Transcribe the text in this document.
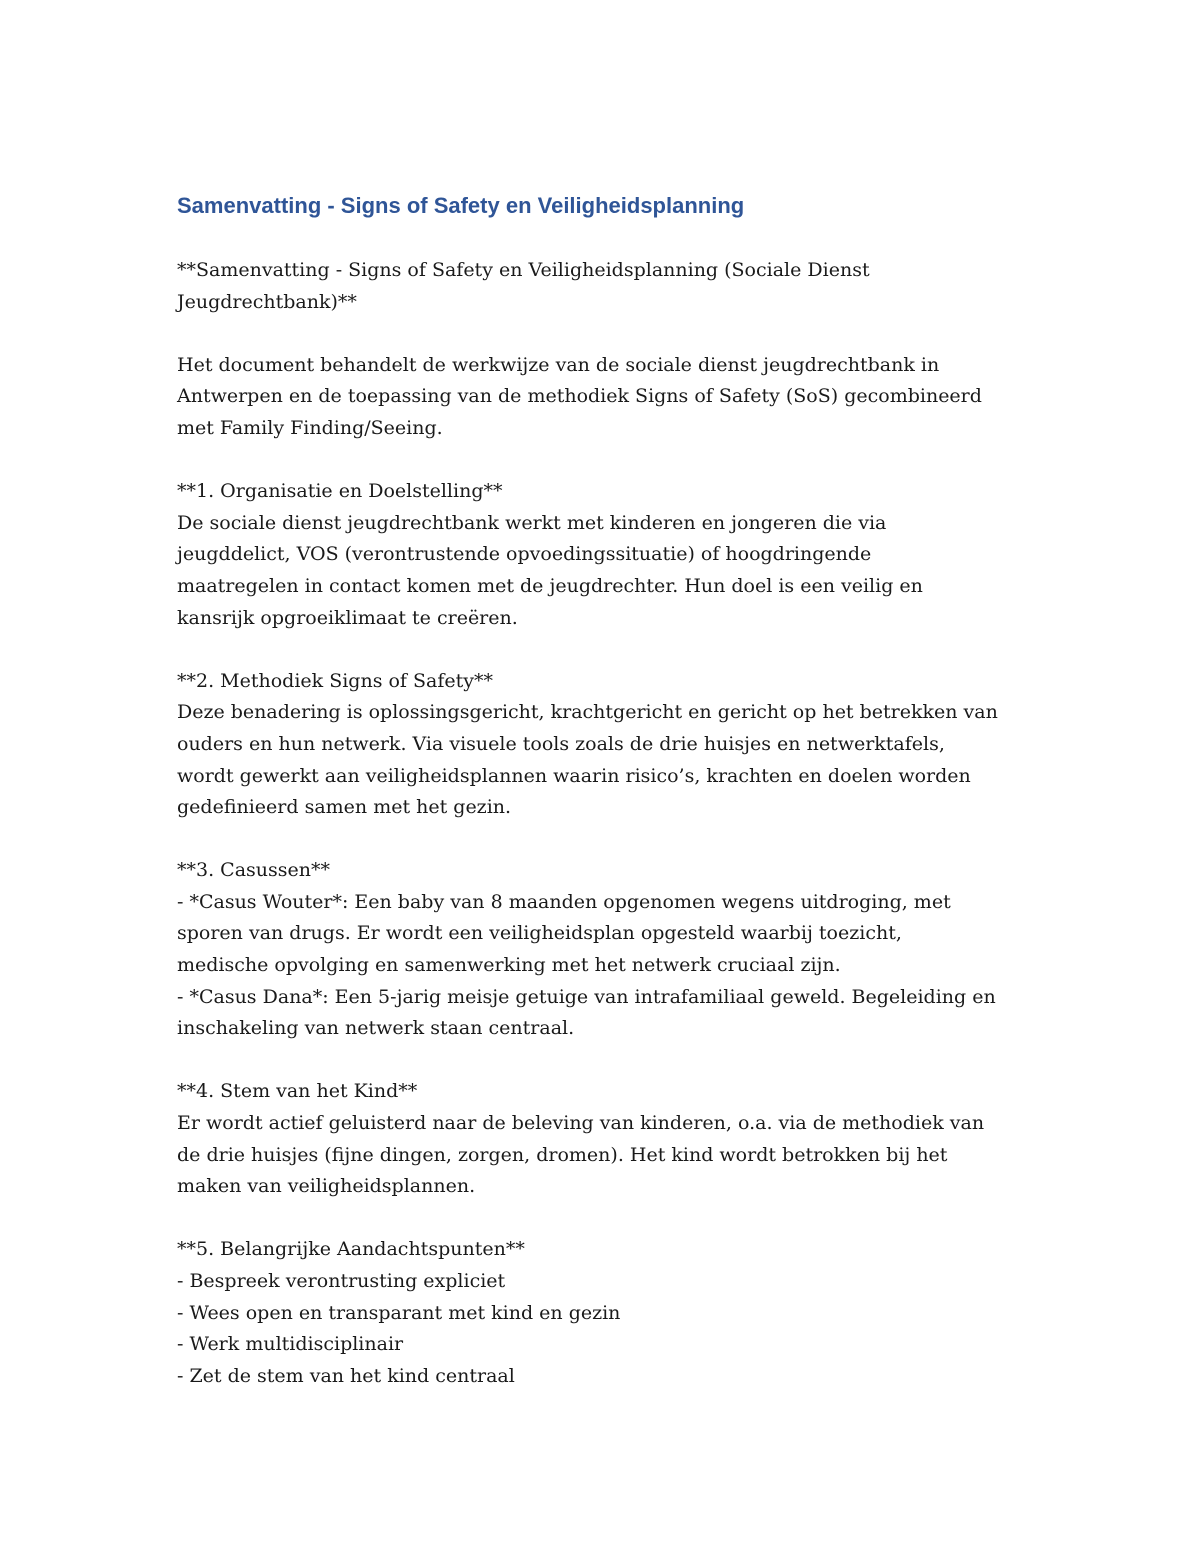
Samenvatting - Signs of Safety en Veiligheidsplanning
**Samenvatting - Signs of Safety en Veiligheidsplanning (Sociale Dienst
Jeugdrechtbank)**
Het document behandelt de werkwijze van de sociale dienst jeugdrechtbank in
Antwerpen en de toepassing van de methodiek Signs of Safety (SoS) gecombineerd
met Family Finding/Seeing.
**1. Organisatie en Doelstelling**
De sociale dienst jeugdrechtbank werkt met kinderen en jongeren die via
jeugddelict, VOS (verontrustende opvoedingssituatie) of hoogdringende
maatregelen in contact komen met de jeugdrechter. Hun doel is een veilig en
kansrijk opgroeiklimaat te creëren.
**2. Methodiek Signs of Safety**
Deze benadering is oplossingsgericht, krachtgericht en gericht op het betrekken van
ouders en hun netwerk. Via visuele tools zoals de drie huisjes en netwerktafels,
wordt gewerkt aan veiligheidsplannen waarin risico’s, krachten en doelen worden
gedefinieerd samen met het gezin.
**3. Casussen**
- *Casus Wouter*: Een baby van 8 maanden opgenomen wegens uitdroging, met
sporen van drugs. Er wordt een veiligheidsplan opgesteld waarbij toezicht,
medische opvolging en samenwerking met het netwerk cruciaal zijn.
- *Casus Dana*: Een 5-jarig meisje getuige van intrafamiliaal geweld. Begeleiding en
inschakeling van netwerk staan centraal.
**4. Stem van het Kind**
Er wordt actief geluisterd naar de beleving van kinderen, o.a. via de methodiek van
de drie huisjes (fijne dingen, zorgen, dromen). Het kind wordt betrokken bij het
maken van veiligheidsplannen.
**5. Belangrijke Aandachtspunten**
- Bespreek verontrusting expliciet
- Wees open en transparant met kind en gezin
- Werk multidisciplinair
- Zet de stem van het kind centraal
